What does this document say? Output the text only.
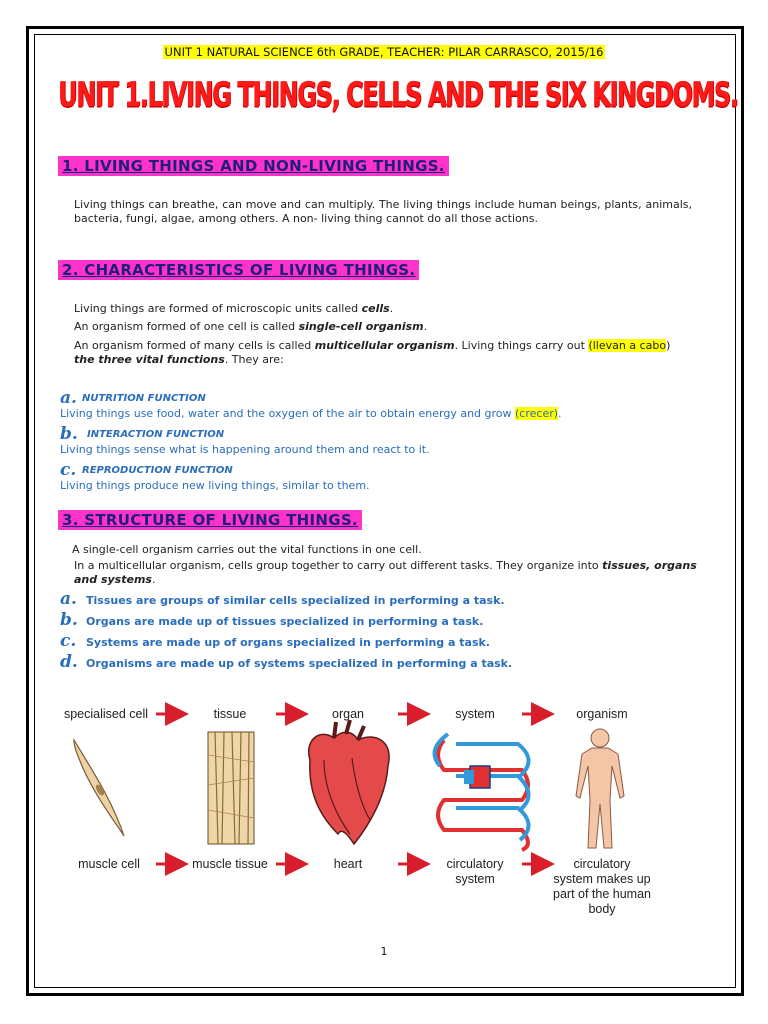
UNIT 1 NATURAL SCIENCE 6th GRADE, TEACHER: PILAR CARRASCO, 2015/16
UNIT 1.LIVING THINGS, CELLS AND THE SIX KINGDOMS.
1. LIVING THINGS AND NON-LIVING THINGS.
Living things can breathe, can move and can multiply. The living things include human beings, plants, animals, bacteria, fungi, algae, among others. A non- living thing cannot do all those actions.
2. CHARACTERISTICS OF LIVING THINGS.
Living things are formed of microscopic units called cells.
An organism formed of one cell is called single-cell organism.
An organism formed of many cells is called multicellular organism. Living things carry out (llevan a cabo) the three vital functions. They are:
a. NUTRITION FUNCTION
Living things use food, water and the oxygen of the air to obtain energy and grow (crecer).
b. INTERACTION FUNCTION
Living things sense what is happening around them and react to it.
c. REPRODUCTION FUNCTION
Living things produce new living things, similar to them.
3. STRUCTURE OF LIVING THINGS.
A single-cell organism carries out the vital functions in one cell.
In a multicellular organism, cells group together to carry out different tasks. They organize into tissues, organs and systems.
a. Tissues are groups of similar cells specialized in performing a task.
b. Organs are made up of tissues specialized in performing a task.
c. Systems are made up of organs specialized in performing a task.
d. Organisms are made up of systems specialized in performing a task.
specialised cell	tissue	organ	system	organism
muscle cell	muscle tissue	heart	circulatory system
circulatory system makes up part of the human body
1
